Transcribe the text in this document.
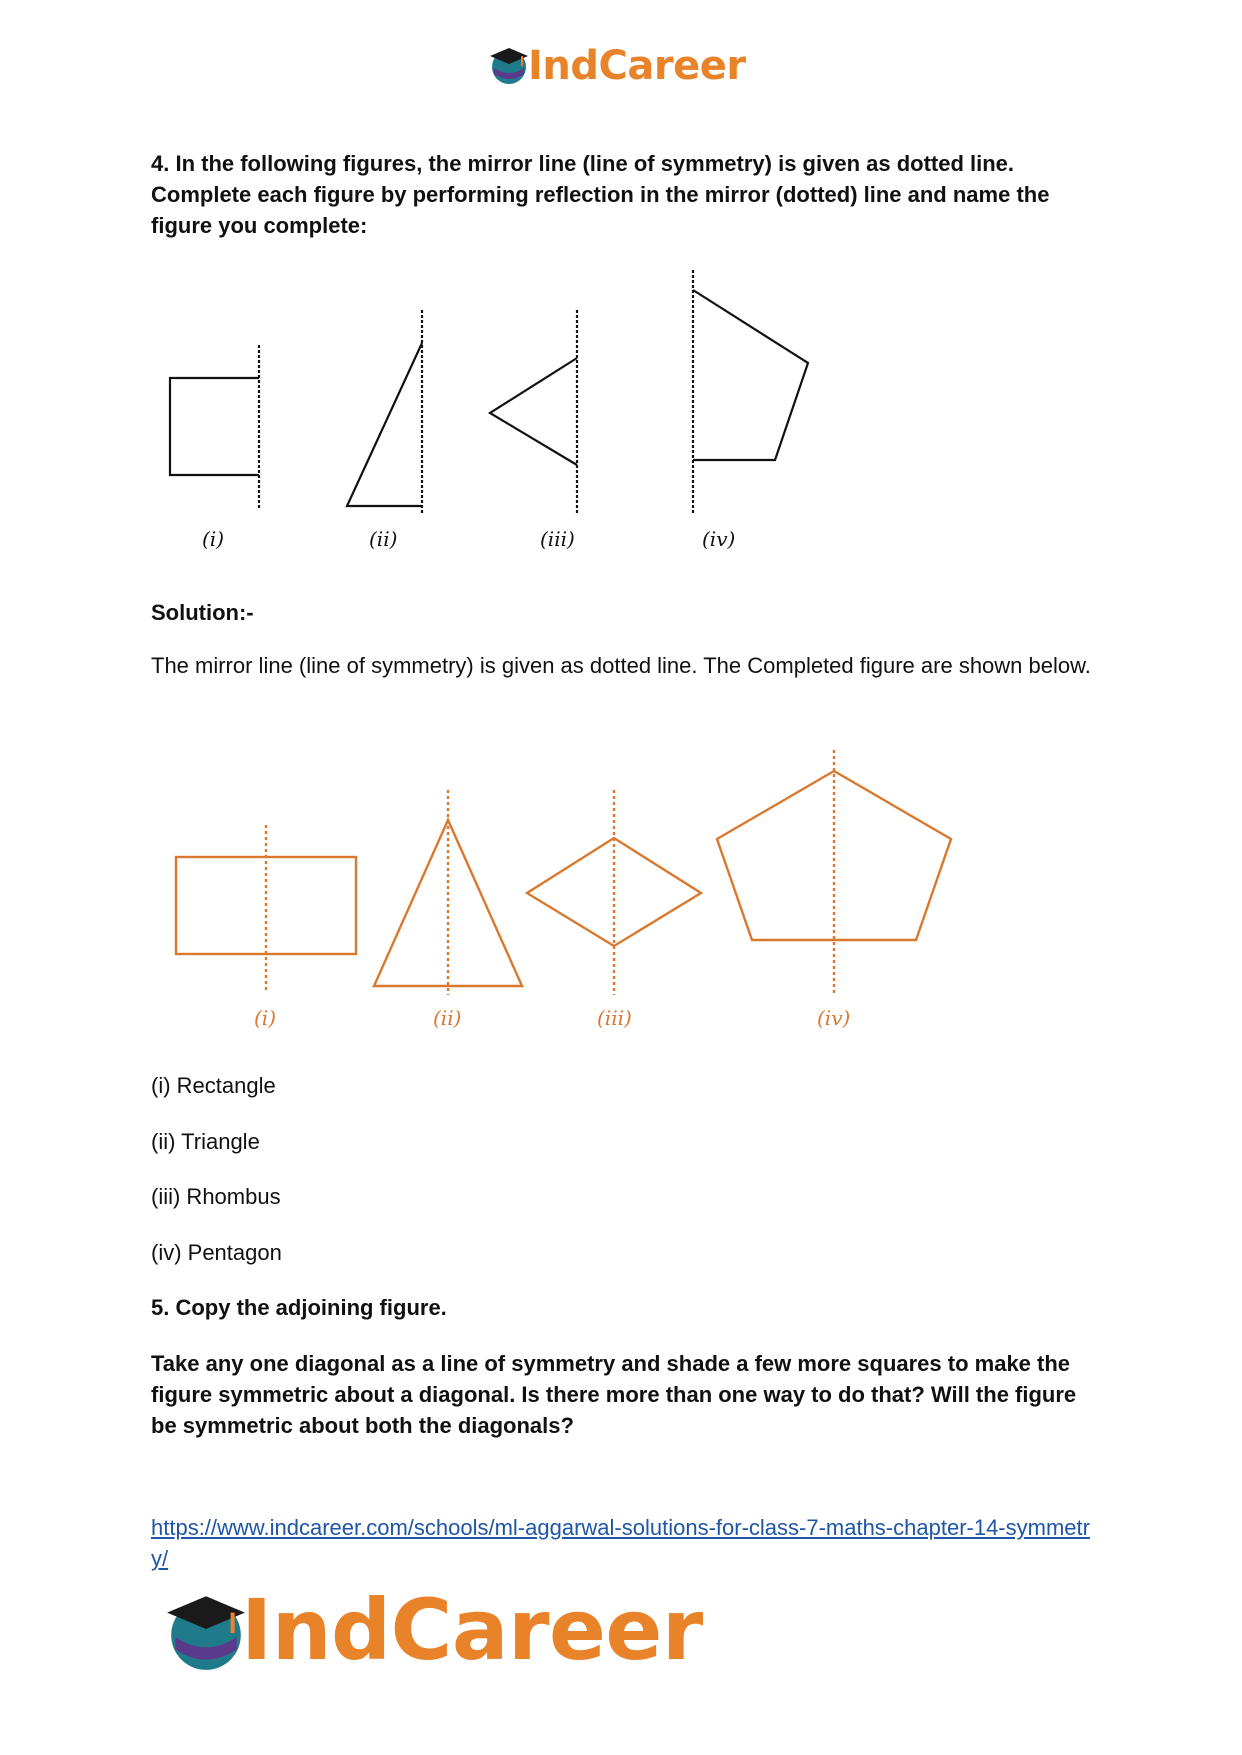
IndCareer
4. In the following figures, the mirror line (line of symmetry) is given as dotted line. Complete each figure by performing reflection in the mirror (dotted) line and name the figure you complete:
(i)	(ii)	(iii)	(iv)
Solution:-
The mirror line (line of symmetry) is given as dotted line. The Completed figure are shown below.
(i)	(ii)	(iii)	(iv)
(i) Rectangle
(ii) Triangle
(iii) Rhombus
(iv) Pentagon
5. Copy the adjoining figure.
Take any one diagonal as a line of symmetry and shade a few more squares to make the figure symmetric about a diagonal. Is there more than one way to do that? Will the figure be symmetric about both the diagonals?
https://www.indcareer.com/schools/ml-aggarwal-solutions-for-class-7-maths-chapter-14-symmetry/
IndCareer
